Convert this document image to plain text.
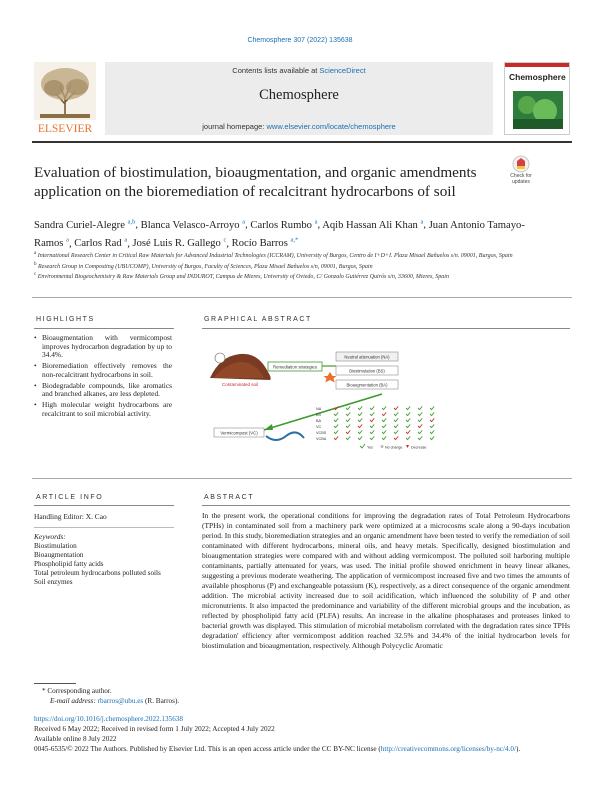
Chemosphere 307 (2022) 135638
ELSEVIER
Contents lists available at ScienceDirect
Chemosphere
journal homepage: www.elsevier.com/locate/chemosphere
Chemosphere
Evaluation of biostimulation, bioaugmentation, and organic amendments application on the bioremediation of recalcitrant hydrocarbons of soil
Check for
updates
Sandra Curiel-Alegre $^{a,b}$, Blanca Velasco-Arroyo $^a$, Carlos Rumbo $^a$, Aqib Hassan Ali Khan $^a$, Juan Antonio Tamayo-Ramos $^a$, Carlos Rad $^a$, José Luis R. Gallego $^c$, Rocío Barros $^{a,*}$
$^a$ International Research Center in Critical Raw Materials for Advanced Industrial Technologies (ICCRAM), University of Burgos, Centro de I+D+I. Plaza Misael Bañuelos s/n. 09001, Burgos, Spain
$^b$ Research Group in Composting (UBUCOMP), University of Burgos, Faculty of Sciences, Plaza Misael Bañuelos s/n, 09001, Burgos, Spain
$^c$ Environmental Biogeochemistry & Raw Materials Group and INDUROT, Campus de Mieres, University of Oviedo, C/ Gonzalo Gutiérrez Quirós s/n, 33600, Mieres, Spain
HIGHLIGHTS
• Bioaugmentation with vermicompost improves hydrocarbon degradation by up to 34.4%.
• Bioremediation effectively removes the non-recalcitrant hydrocarbons in soil.
• Biodegradable compounds, like aromatics and branched alkanes, are less depleted.
• High molecular weight hydrocarbons are recalcitrant to soil microbial activity.
GRAPHICAL ABSTRACT
Contaminated soil
Remediation strategies
Neutral attenuation (NA)
Biostimulation (BS)
Bioaugmentation (BA)
Vermicompost (VC)
NA
BS
BA
VC
VCBS
VCBA
Yes	No change Decrease
ARTICLE INFO
Handling Editor: X. Cao
Keywords:
Biostimulation
Bioaugmentation
Phospholipid fatty acids
Total petroleum hydrocarbons polluted soils
Soil enzymes
ABSTRACT
In the present work, the operational conditions for improving the degradation rates of Total Petroleum Hydrocarbons (TPHs) in contaminated soil from a machinery park were optimized at a microcosms scale along a 90-days incubation period. In this study, bioremediation strategies and an organic amendment have been tested to verify the remediation of soil contaminated with different hydrocarbons, mineral oils, and heavy metals. Specifically, designed biostimulation and bioaugmentation strategies were compared with and without adding vermicompost. The polluted soil harboring multiple contaminants, partially attenuated for years, was used. The initial profile showed enrichment in heavy linear alkanes, suggesting a previous moderate weathering. The application of vermicompost increased five and two times the amounts of available phosphorus (P) and exchangeable potassium (K), respectively, as a direct consequence of the organic amendment addition. The microbial activity increased due to soil acidification, which influenced the solubility of P and other micronutrients. It also impacted the predominance and variability of the different microbial groups and the incubation, as reflected by phospholipid fatty acid (PLFA) results. An increase in the alkaline phosphatases and proteases linked to bacterial growth was displayed. This stimulation of microbial metabolism correlated with the degradation rates since TPHs degradation' efficiency after vermicompost addition reached 32.5% and 34.4% of the initial hydrocarbon levels for biostimulation and bioaugmentation, respectively. Although Polycyclic Aromatic
* Corresponding author.
E-mail address: rbarros@ubu.es (R. Barros).
https://doi.org/10.1016/j.chemosphere.2022.135638
Received 6 May 2022; Received in revised form 1 July 2022; Accepted 4 July 2022
Available online 8 July 2022
0045-6535/© 2022 The Authors. Published by Elsevier Ltd. This is an open access article under the CC BY-NC license (http://creativecommons.org/licenses/by-nc/4.0/).
